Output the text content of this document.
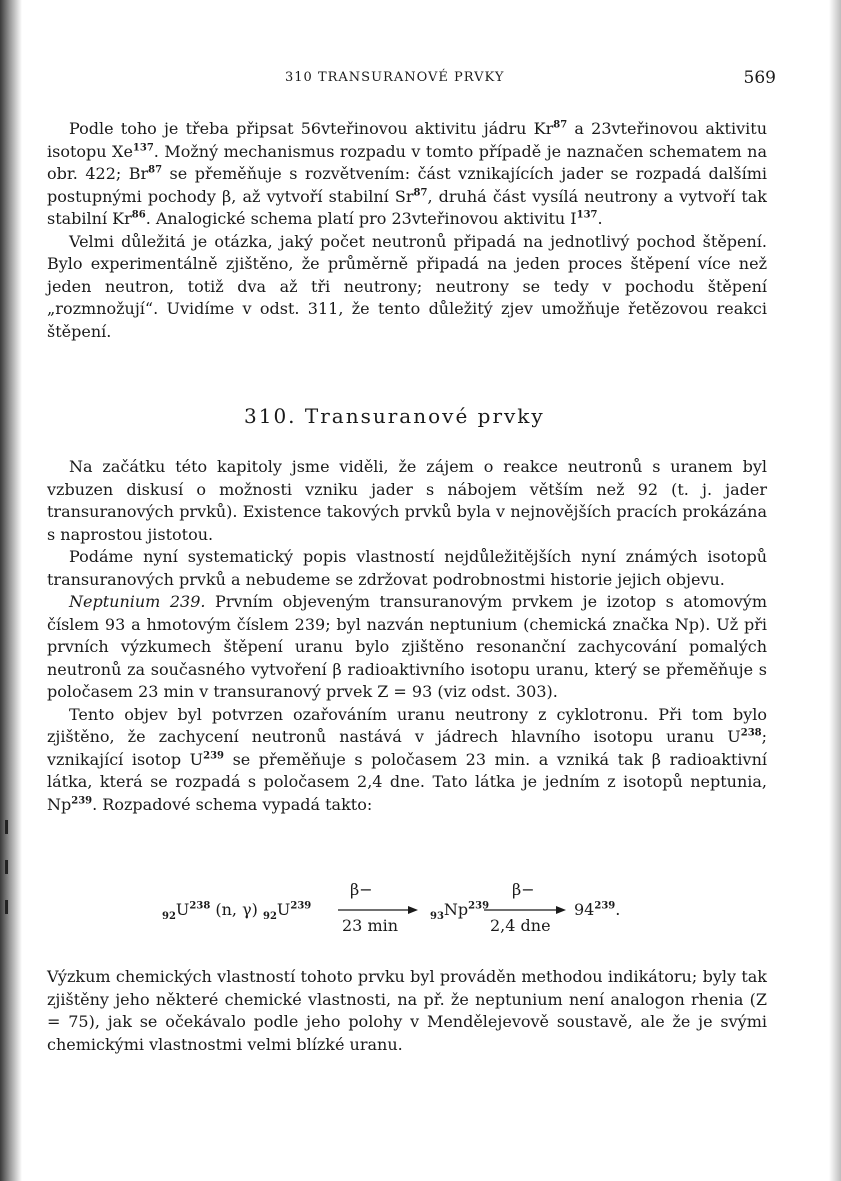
310 TRANSURANOVÉ PRVKY	569

Podle toho je třeba připsat 56vteřinovou aktivitu jádru Kr$^{87}$ a 23vteřinovou aktivitu isotopu Xe$^{137}$. Možný mechanismus rozpadu v tomto případě je naznačen schematem na obr. 422; Br$^{87}$ se přeměňuje s rozvětvením: část vznikajících jader se rozpadá dalšími postupnými pochody β, až vytvoří stabilní Sr$^{87}$, druhá část vysílá neutrony a vytvoří tak stabilní Kr$^{86}$. Analogické schema platí pro 23vteřinovou aktivitu $I^{137}$.

Velmi důležitá je otázka, jaký počet neutronů připadá na jednotlivý pochod štěpení. Bylo experimentálně zjištěno, že průměrně připadá na jeden proces štěpení více než jeden neutron, totiž dva až tři neutrony; neutrony se tedy v pochodu štěpení „rozmnožují“. Uvidíme v odst. 311, že tento důležitý zjev umožňuje řetězovou reakci štěpení.

310. Transuranové prvky

Na začátku této kapitoly jsme viděli, že zájem o reakce neutronů s uranem byl vzbuzen diskusí o možnosti vzniku jader s nábojem větším než 92 (t. j. jader transuranových prvků). Existence takových prvků byla v nejnovějších pracích prokázána s naprostou jistotou.

Podáme nyní systematický popis vlastností nejdůležitějších nyní známých isotopů transuranových prvků a nebudeme se zdržovat podrobnostmi historie jejich objevu.

Neptunium 239. Prvním objeveným transuranovým prvkem je izotop s atomovým číslem 93 a hmotovým číslem 239; byl nazván neptunium (chemická značka Np). Už při prvních výzkumech štěpení uranu bylo zjištěno resonanční zachycování pomalých neutronů za současného vytvoření β radioaktivního isotopu uranu, který se přeměňuje s poločasem 23 min v transuranový prvek Z = 93 (viz odst. 303).

Tento objev byl potvrzen ozařováním uranu neutrony z cyklotronu. Při tom bylo zjištěno, že zachycení neutronů nastává v jádrech hlavního isotopu uranu $U^{238}$; vznikající isotop $U^{239}$ se přeměňuje s poločasem 23 min. a vzniká tak β radioaktivní látka, která se rozpadá s poločasem 2,4 dne. Tato látka je jedním z isotopů neptunia, Np$^{239}$. Rozpadové schema vypadá takto:

$_{92}U^{238}$ (n, γ) $_{92}U^{239}$
β−
23 min	$_{93}Np^{239}$
β−
2,4 dne
$94^{239}$.

Výzkum chemických vlastností tohoto prvku byl prováděn methodou indikátoru; byly tak zjištěny jeho některé chemické vlastnosti, na př. že neptunium není analogon rhenia (Z = 75), jak se očekávalo podle jeho polohy v Mendělejevově soustavě, ale že je svými chemickými vlastnostmi velmi blízké uranu.
